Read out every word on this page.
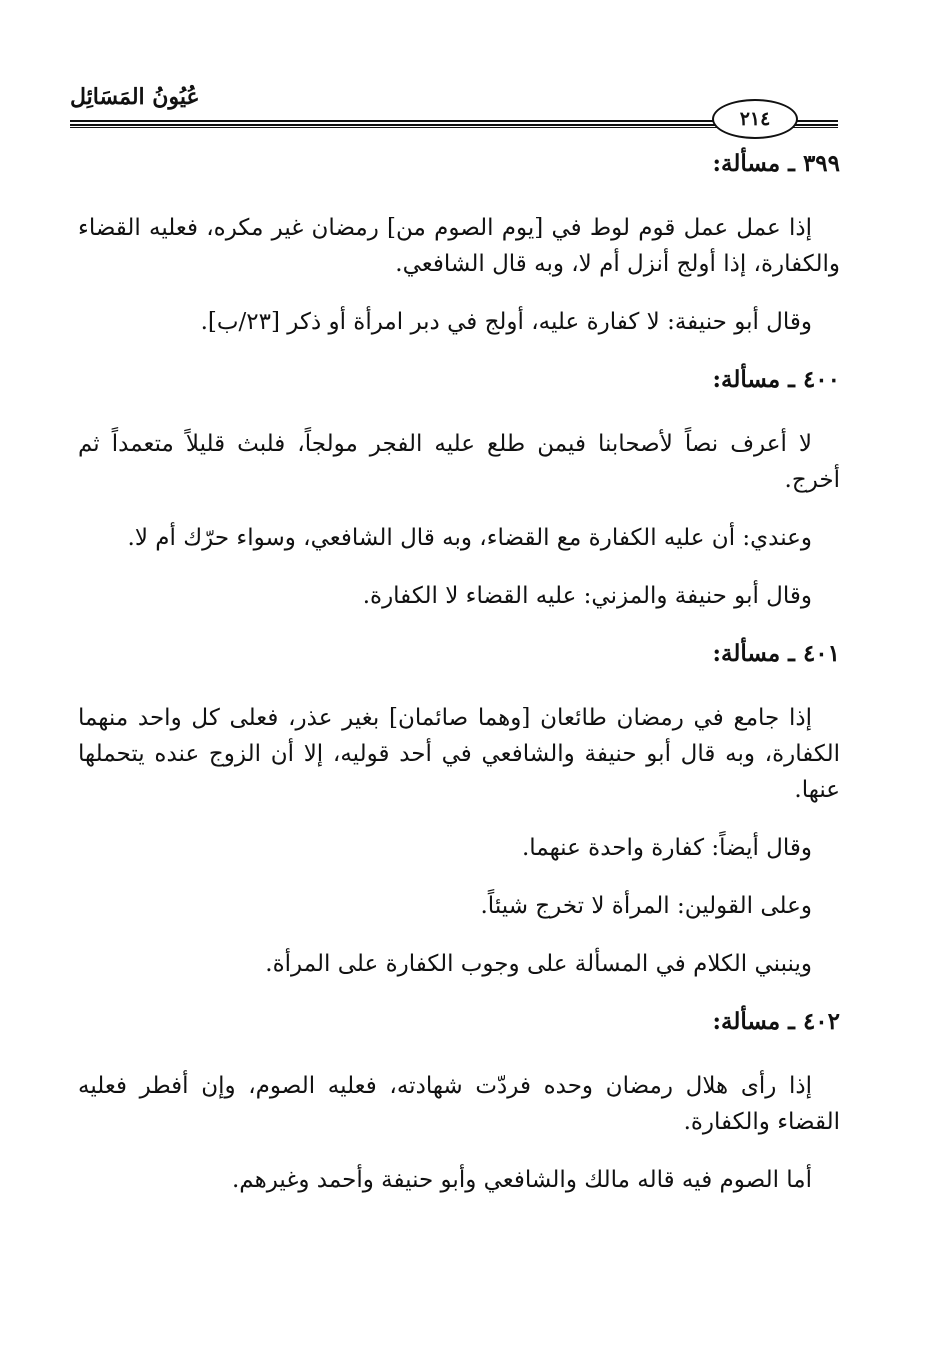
عُيُونُ المَسَائِل
٢١٤
٣٩٩ ـ مسألة:

إذا عمل عمل قوم لوط في [يوم الصوم من] رمضان غير مكره، فعليه القضاء والكفارة، إذا أولج أنزل أم لا، وبه قال الشافعي.

وقال أبو حنيفة: لا كفارة عليه، أولج في دبر امرأة أو ذكر [٢٣/ب].

٤٠٠ ـ مسألة:

لا أعرف نصاً لأصحابنا فيمن طلع عليه الفجر مولجاً، فلبث قليلاً متعمداً ثم أخرج.

وعندي: أن عليه الكفارة مع القضاء، وبه قال الشافعي، وسواء حرّك أم لا.

وقال أبو حنيفة والمزني: عليه القضاء لا الكفارة.

٤٠١ ـ مسألة:

إذا جامع في رمضان طائعان [وهما صائمان] بغير عذر، فعلى كل واحد منهما الكفارة، وبه قال أبو حنيفة والشافعي في أحد قوليه، إلا أن الزوج عنده يتحملها عنها.

وقال أيضاً: كفارة واحدة عنهما.

وعلى القولين: المرأة لا تخرج شيئاً.

وينبني الكلام في المسألة على وجوب الكفارة على المرأة.

٤٠٢ ـ مسألة:

إذا رأى هلال رمضان وحده فردّت شهادته، فعليه الصوم، وإن أفطر فعليه القضاء والكفارة.

أما الصوم فيه قاله مالك والشافعي وأبو حنيفة وأحمد وغيرهم.
